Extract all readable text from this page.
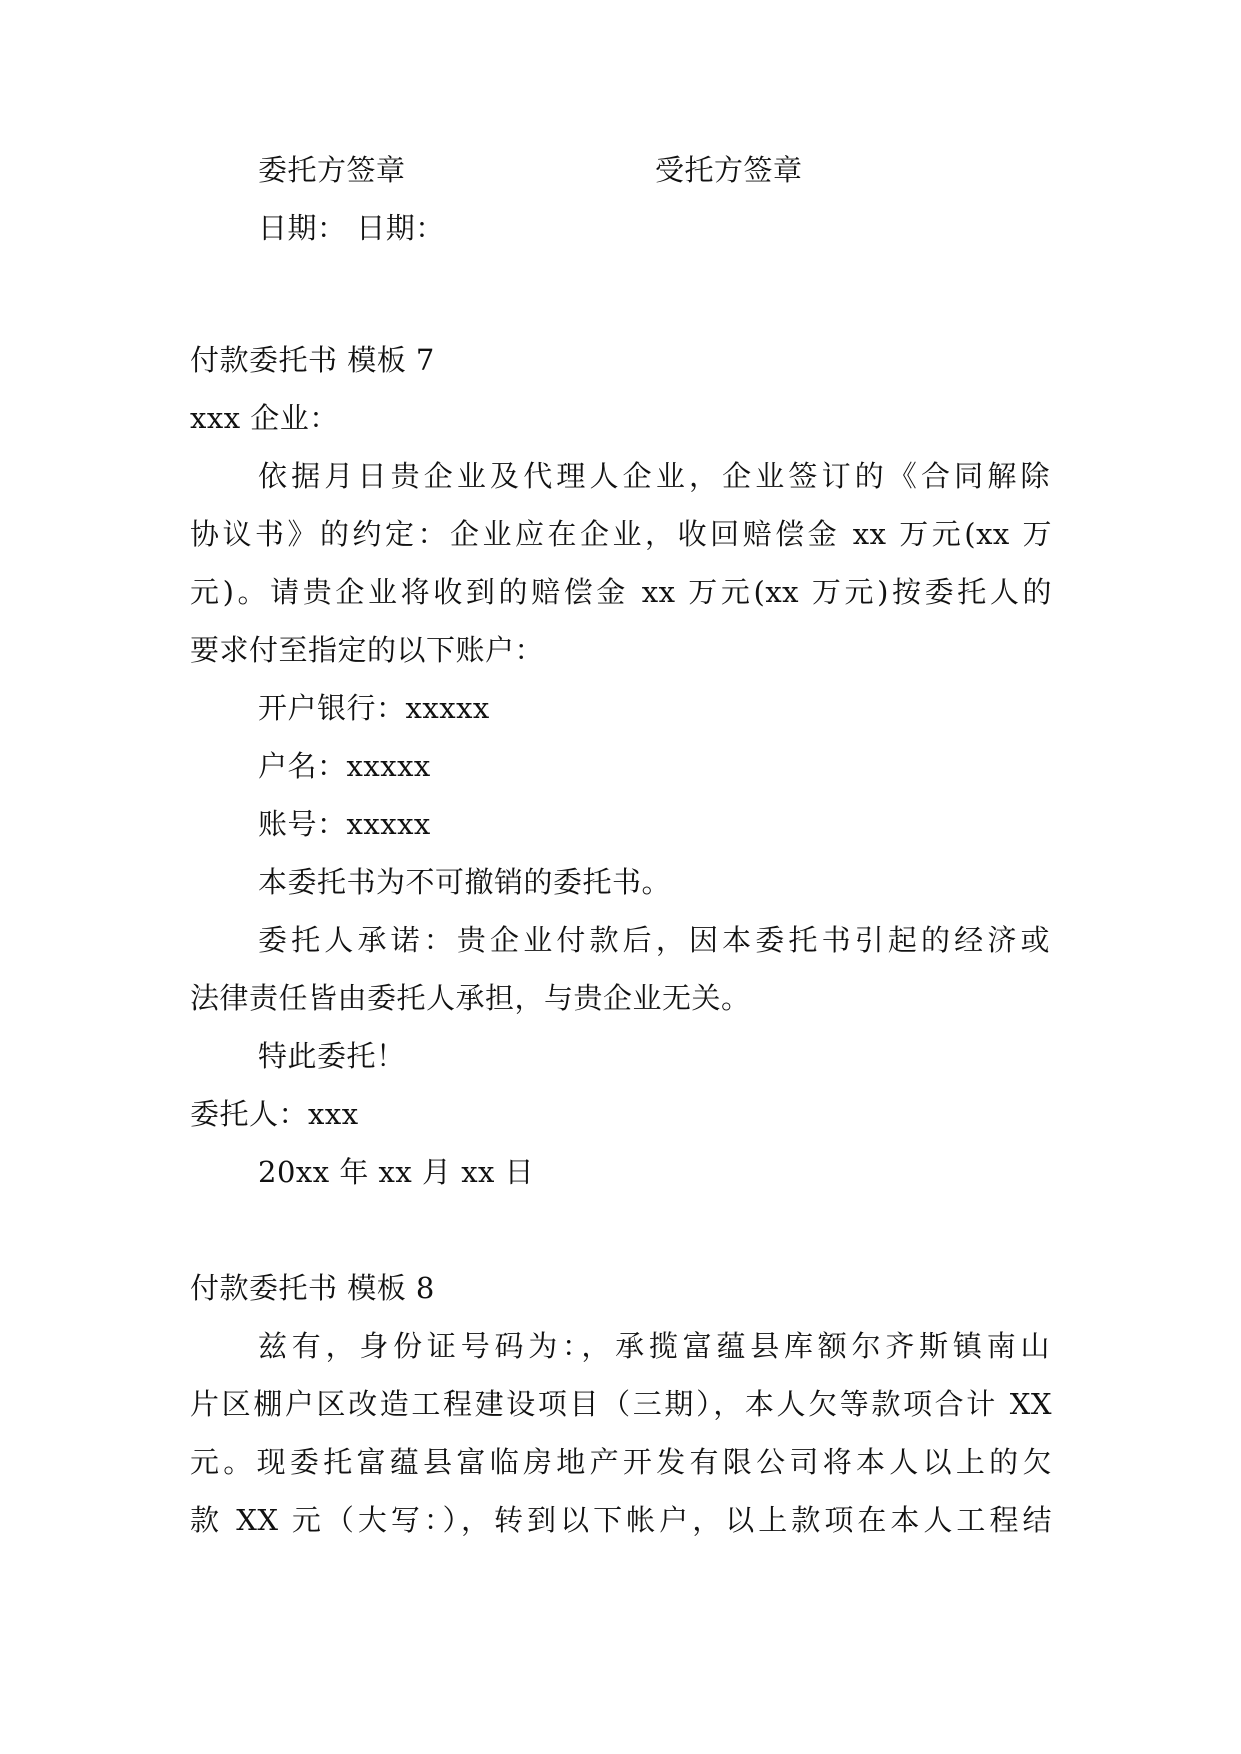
委托方签章	受托方签章
日期： 日期：
付款委托书 模板 7
xxx 企业：
依据月日贵企业及代理人企业，企业签订的《合同解除
协议书》的约定：企业应在企业，收回赔偿金 xx 万元(xx 万
元)。请贵企业将收到的赔偿金 xx 万元(xx 万元)按委托人的
要求付至指定的以下账户：
开户银行：xxxxx
户名：xxxxx
账号：xxxxx
本委托书为不可撤销的委托书。
委托人承诺：贵企业付款后，因本委托书引起的经济或
法律责任皆由委托人承担，与贵企业无关。
特此委托！
委托人：xxx
20xx 年 xx 月 xx 日
付款委托书 模板 8
兹有，身份证号码为：，承揽富蕴县库额尔齐斯镇南山
片区棚户区改造工程建设项目（三期），本人欠等款项合计 XX
元。现委托富蕴县富临房地产开发有限公司将本人以上的欠
款 XX 元（大写：），转到以下帐户，以上款项在本人工程结
